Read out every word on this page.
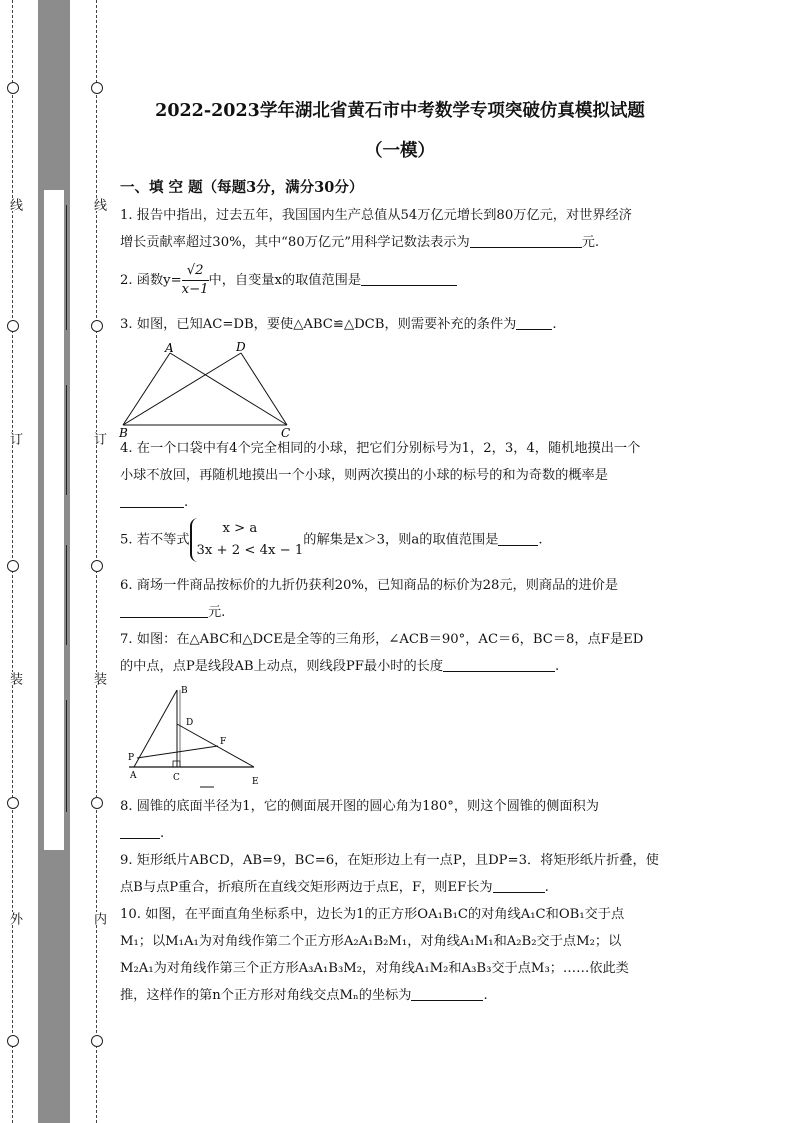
线
订
装
外
线
订
装
内
2022-2023学年湖北省黄石市中考数学专项突破仿真模拟试题
（一模）
一、填 空 题（每题3分，满分30分）
1. 报告中指出，过去五年，我国国内生产总值从54万亿元增长到80万亿元，对世界经济
增长贡献率超过30%，其中“80万亿元”用科学记数法表示为	元.
2. 函数$y= \frac{√2}{x-1}$ 中，自变量x的取值范围是
3. 如图，已知AC=DB，要使△ABC≌△DCB，则需要补充的条件为	.
A	D
B	C
4. 在一个口袋中有4个完全相同的小球，把它们分别标号为1，2，3，4，随机地摸出一个
小球不放回，再随机地摸出一个小球，则两次摸出的小球的标号的和为奇数的概率是
.
5. 若不等式
x > a
3x + 2 < 4x − 1
的解集是x＞3，则a的取值范围是	.
6. 商场一件商品按标价的九折仍获利20%，已知商品的标价为28元，则商品的进价是
元.
7. 如图：在△ABC和△DCE是全等的三角形，∠ACB＝90°，AC＝6，BC＝8，点F是ED
的中点，点P是线段AB上动点，则线段PF最小时的长度	.
B
D
F
P
A	C	E
8. 圆锥的底面半径为1，它的侧面展开图的圆心角为180°，则这个圆锥的侧面积为
.
9. 矩形纸片ABCD，AB=9，BC=6，在矩形边上有一点P，且DP=3．将矩形纸片折叠，使
点B与点P重合，折痕所在直线交矩形两边于点E，F，则EF长为	.
10. 如图，在平面直角坐标系中，边长为1的正方形OA₁B₁C的对角线A₁C和OB₁交于点
M₁；以M₁A₁为对角线作第二个正方形A₂A₁B₂M₁，对角线A₁M₁和A₂B₂交于点M₂；以
M₂A₁为对角线作第三个正方形A₃A₁B₃M₂，对角线A₁M₂和A₃B₃交于点M₃；……依此类
推，这样作的第n个正方形对角线交点Mₙ的坐标为	.
